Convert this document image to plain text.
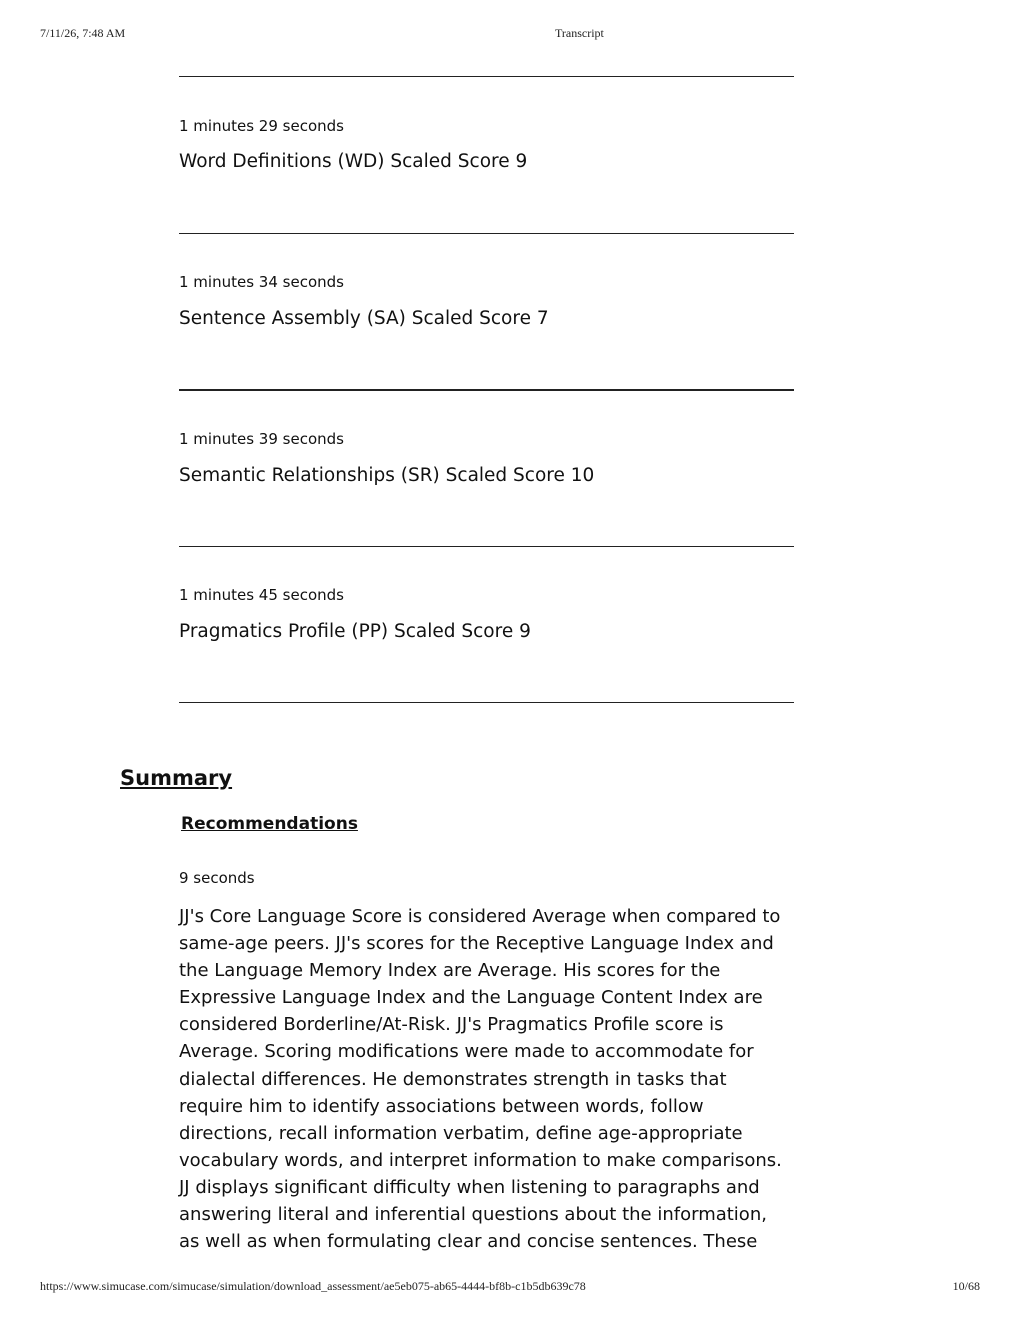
7/11/26, 7:48 AM	Transcript
1 minutes 29 seconds
Word Definitions (WD) Scaled Score 9
1 minutes 34 seconds
Sentence Assembly (SA) Scaled Score 7
1 minutes 39 seconds
Semantic Relationships (SR) Scaled Score 10
1 minutes 45 seconds
Pragmatics Profile (PP) Scaled Score 9
Summary
Recommendations
9 seconds
JJ's Core Language Score is considered Average when compared to
same-age peers. JJ's scores for the Receptive Language Index and
the Language Memory Index are Average. His scores for the
Expressive Language Index and the Language Content Index are
considered Borderline/At-Risk. JJ's Pragmatics Profile score is
Average. Scoring modifications were made to accommodate for
dialectal differences. He demonstrates strength in tasks that
require him to identify associations between words, follow
directions, recall information verbatim, define age-appropriate
vocabulary words, and interpret information to make comparisons.
JJ displays significant difficulty when listening to paragraphs and
answering literal and inferential questions about the information,
as well as when formulating clear and concise sentences. These
https://www.simucase.com/simucase/simulation/download_assessment/ae5eb075-ab65-4444-bf8b-c1b5db639c78	10/68
